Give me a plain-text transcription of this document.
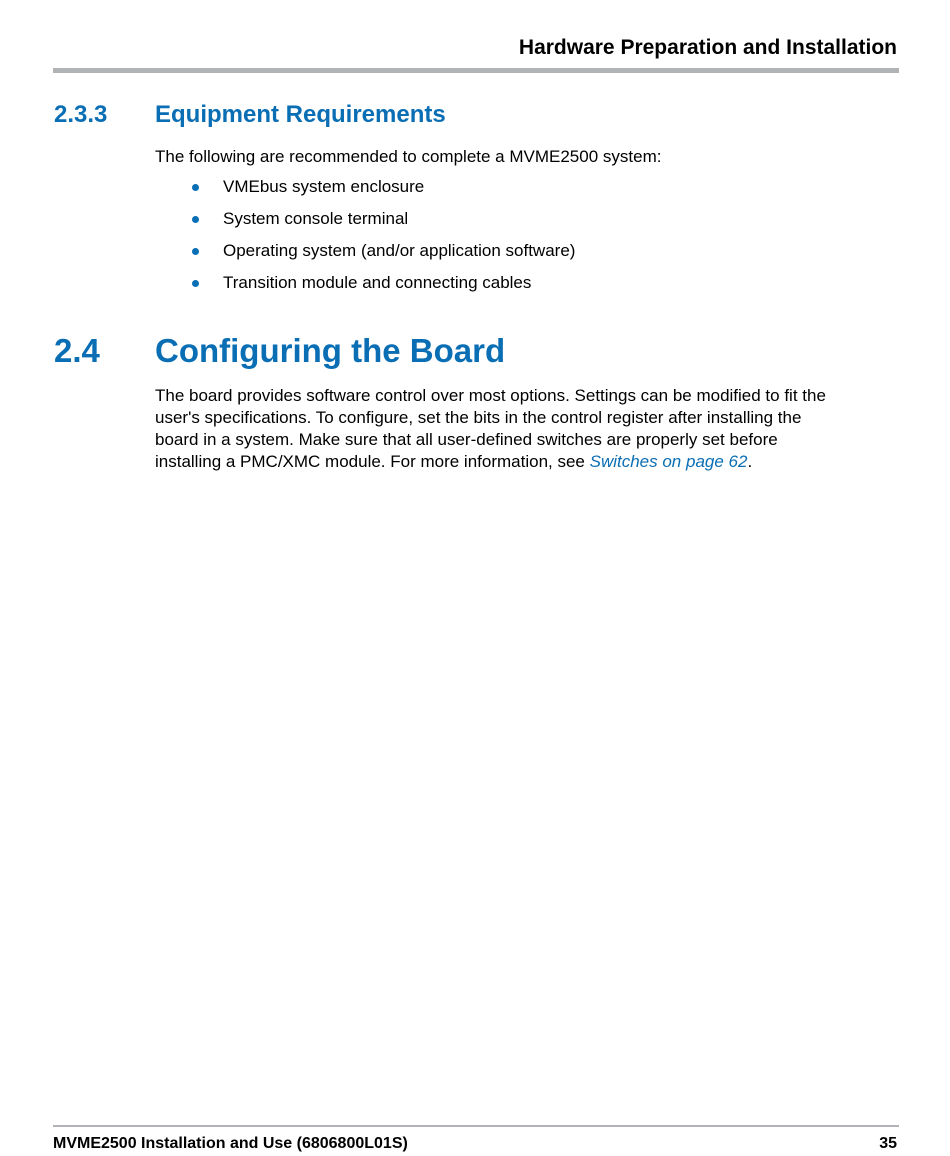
Hardware Preparation and Installation
2.3.3 Equipment Requirements
The following are recommended to complete a MVME2500 system:
VMEbus system enclosure
System console terminal
Operating system (and/or application software)
Transition module and connecting cables
2.4 Configuring the Board
The board provides software control over most options. Settings can be modified to fit the
user's specifications. To configure, set the bits in the control register after installing the
board in a system. Make sure that all user-defined switches are properly set before
installing a PMC/XMC module. For more information, see Switches on page 62.
MVME2500 Installation and Use (6806800L01S)	35
